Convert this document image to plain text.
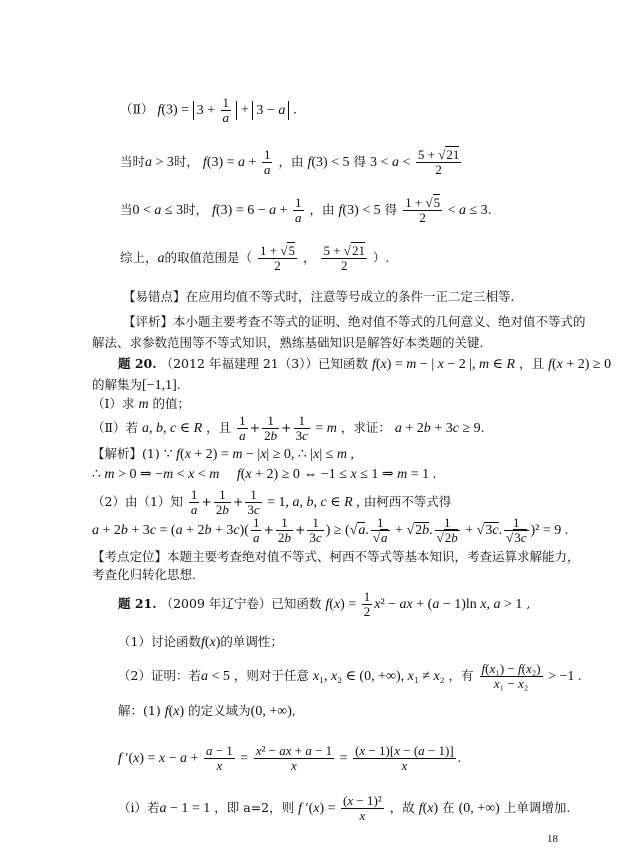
（Ⅱ） $f(3) = 3 + \frac{1}{a} + 3 - a$ .
当时a > 3时， $f(3) = a + \frac{1}{a}$ ，由 f(3) < 5 得 $3 < a < \frac{5 + √21}{2}$
当0 < a ≤ 3时， $f(3) = 6 - a + \frac{1}{a}$ ，由 f(3) < 5 得 $\frac{1 + √5}{2} < a \le 3$.
综上，a的取值范围是（ $\frac{1 + √5}{2}$ ， $\frac{5 + √21}{2}$ ）.
【易错点】在应用均值不等式时，注意等号成立的条件一正二定三相等.
【评析】本小题主要考查不等式的证明、绝对值不等式的几何意义、绝对值不等式的
解法、求参数范围等不等式知识，熟练基础知识是解答好本类题的关键.
题 20. （2012 年福建理 21（3））已知函数 f(x) = m − | x − 2 |, m ∈ R ，且 f(x + 2) ≥ 0
的解集为[−1,1].
（Ⅰ）求 m 的值；
（Ⅱ）若 a, b, c ∈ R ，且 $\frac{1}{a} + \frac{1}{2b} + \frac{1}{3c} = m$ ，求证： a + 2b + 3c ≥ 9.
【解析】(1) ∵ f(x + 2) = m − |x| ≥ 0, ∴ |x| ≤ m ,
∴ m > 0 ⇒ −m < x < m f(x + 2) ≥ 0 ⇔ −1 ≤ x ≤ 1 ⇒ m = 1 .
（2）由（1）知 $\frac{1}{a} + \frac{1}{2b} + \frac{1}{3c} = 1$, a, b, c ∈ R , 由柯西不等式得
$a + 2b + 3c = (a + 2b + 3c)( \frac{1}{a} + \frac{1}{2b} + \frac{1}{3c}$ ) ≥ (√a. $\frac{1}{√a} + √2b$. $\frac{1}{√2b} + √3c$. $\frac{1}{√3c} )^2 = 9$ .
【考点定位】本题主要考查绝对值不等式、柯西不等式等基本知识，考查运算求解能力，
考查化归转化思想.
题 21. （2009 年辽宁卷）已知函数 $f(x) = \frac{1}{2} x^2$ − ax + (a − 1)ln x, a > 1 ,
（1）讨论函数f(x)的单调性；
（2）证明：若a < 5 ，则对于任意 x₁, x₂ ∈ (0, +∞), x₁ ≠ x₂ ，有 $\frac{\text{f(x₁) − f(x₂)}}{\text{x₁ − x₂}} > -1$ .
解：(1) f(x) 的定义域为(0, +∞),
f $'(x) = x - a + \frac{a - 1}{x} = \frac{\text{x² − ax + a − 1}}{x} = \frac{(x - 1)[x - (a - 1)]}{x}$ .
（i）若a − 1 = 1 ，即 a=2，则 f $'(x) = \frac{\text{(x − 1)²}}{x}$ ，故 f(x) 在 (0, +∞) 上单调增加.
18
